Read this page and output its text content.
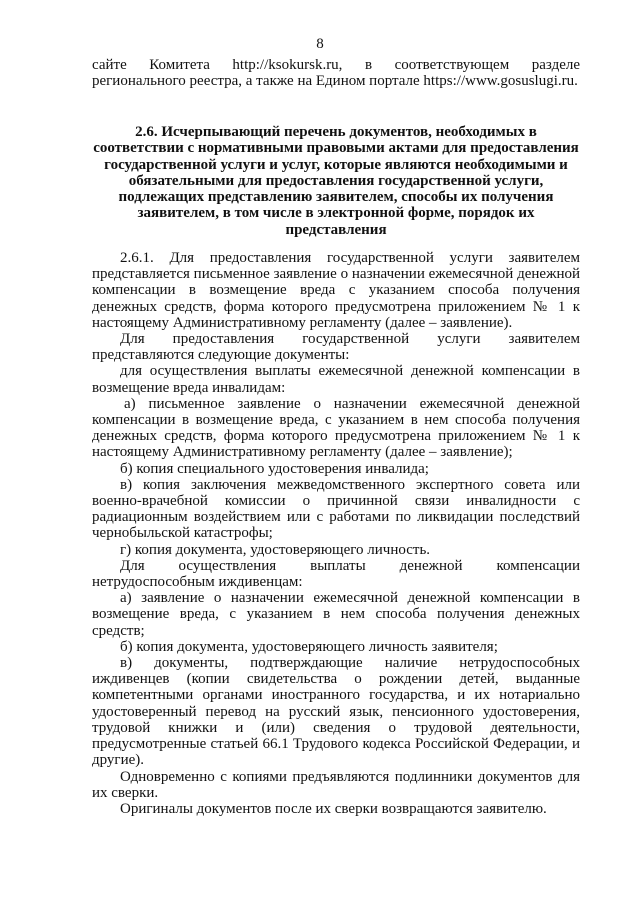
8

сайте Комитета http://ksokursk.ru, в соответствующем разделе регионального реестра, а также на Едином портале https://www.gosuslugi.ru.

2.6. Исчерпывающий перечень документов, необходимых в соответствии с нормативными правовыми актами для предоставления государственной услуги и услуг, которые являются необходимыми и обязательными для предоставления государственной услуги, подлежащих представлению заявителем, способы их получения заявителем, в том числе в электронной форме, порядок их представления

2.6.1. Для предоставления государственной услуги заявителем представляется письменное заявление о назначении ежемесячной денежной компенсации в возмещение вреда с указанием способа получения денежных средств, форма которого предусмотрена приложением № 1 к настоящему Административному регламенту (далее – заявление).

Для предоставления государственной услуги заявителем представляются следующие документы:

для осуществления выплаты ежемесячной денежной компенсации в возмещение вреда инвалидам:

а) письменное заявление о назначении ежемесячной денежной компенсации в возмещение вреда, с указанием в нем способа получения денежных средств, форма которого предусмотрена приложением № 1 к настоящему Административному регламенту (далее – заявление);

б) копия специального удостоверения инвалида;

в) копия заключения межведомственного экспертного совета или военно-врачебной комиссии о причинной связи инвалидности с радиационным воздействием или с работами по ликвидации последствий чернобыльской катастрофы;

г) копия документа, удостоверяющего личность.

Для осуществления выплаты денежной компенсации нетрудоспособным иждивенцам:

а) заявление о назначении ежемесячной денежной компенсации в возмещение вреда, с указанием в нем способа получения денежных средств;

б) копия документа, удостоверяющего личность заявителя;

в) документы, подтверждающие наличие нетрудоспособных иждивенцев (копии свидетельства о рождении детей, выданные компетентными органами иностранного государства, и их нотариально удостоверенный перевод на русский язык, пенсионного удостоверения, трудовой книжки и (или) сведения о трудовой деятельности, предусмотренные статьей 66.1 Трудового кодекса Российской Федерации, и другие).

Одновременно с копиями предъявляются подлинники документов для их сверки.

Оригиналы документов после их сверки возвращаются заявителю.
